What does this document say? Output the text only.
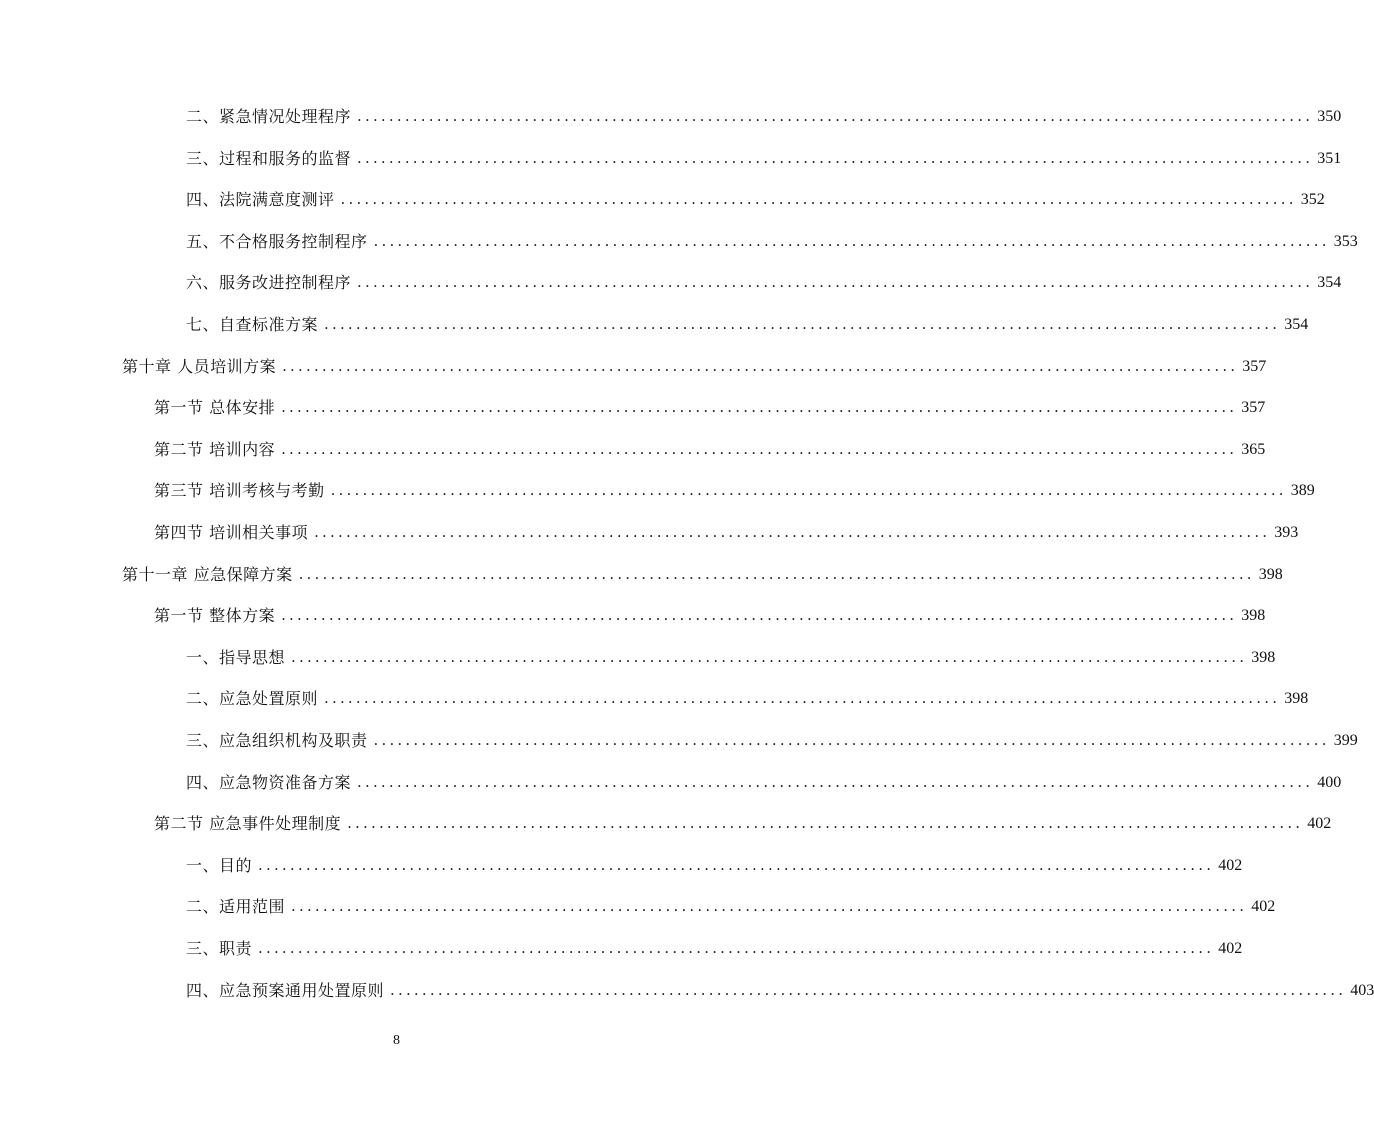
二、紧急情况处理程序 ........................................................................................................................ 350
三、过程和服务的监督 ........................................................................................................................ 351
四、法院满意度测评 ........................................................................................................................ 352
五、不合格服务控制程序 ........................................................................................................................ 353
六、服务改进控制程序 ........................................................................................................................ 354
七、自查标准方案 ........................................................................................................................ 354
第十章 人员培训方案 ........................................................................................................................ 357
第一节 总体安排 ........................................................................................................................ 357
第二节 培训内容 ........................................................................................................................ 365
第三节 培训考核与考勤 ........................................................................................................................ 389
第四节 培训相关事项 ........................................................................................................................ 393
第十一章 应急保障方案 ........................................................................................................................ 398
第一节 整体方案 ........................................................................................................................ 398
一、指导思想 ........................................................................................................................ 398
二、应急处置原则 ........................................................................................................................ 398
三、应急组织机构及职责 ........................................................................................................................ 399
四、应急物资准备方案 ........................................................................................................................ 400
第二节 应急事件处理制度 ........................................................................................................................ 402
一、目的 ........................................................................................................................ 402
二、适用范围 ........................................................................................................................ 402
三、职责 ........................................................................................................................ 402
四、应急预案通用处置原则 ........................................................................................................................ 403
8
